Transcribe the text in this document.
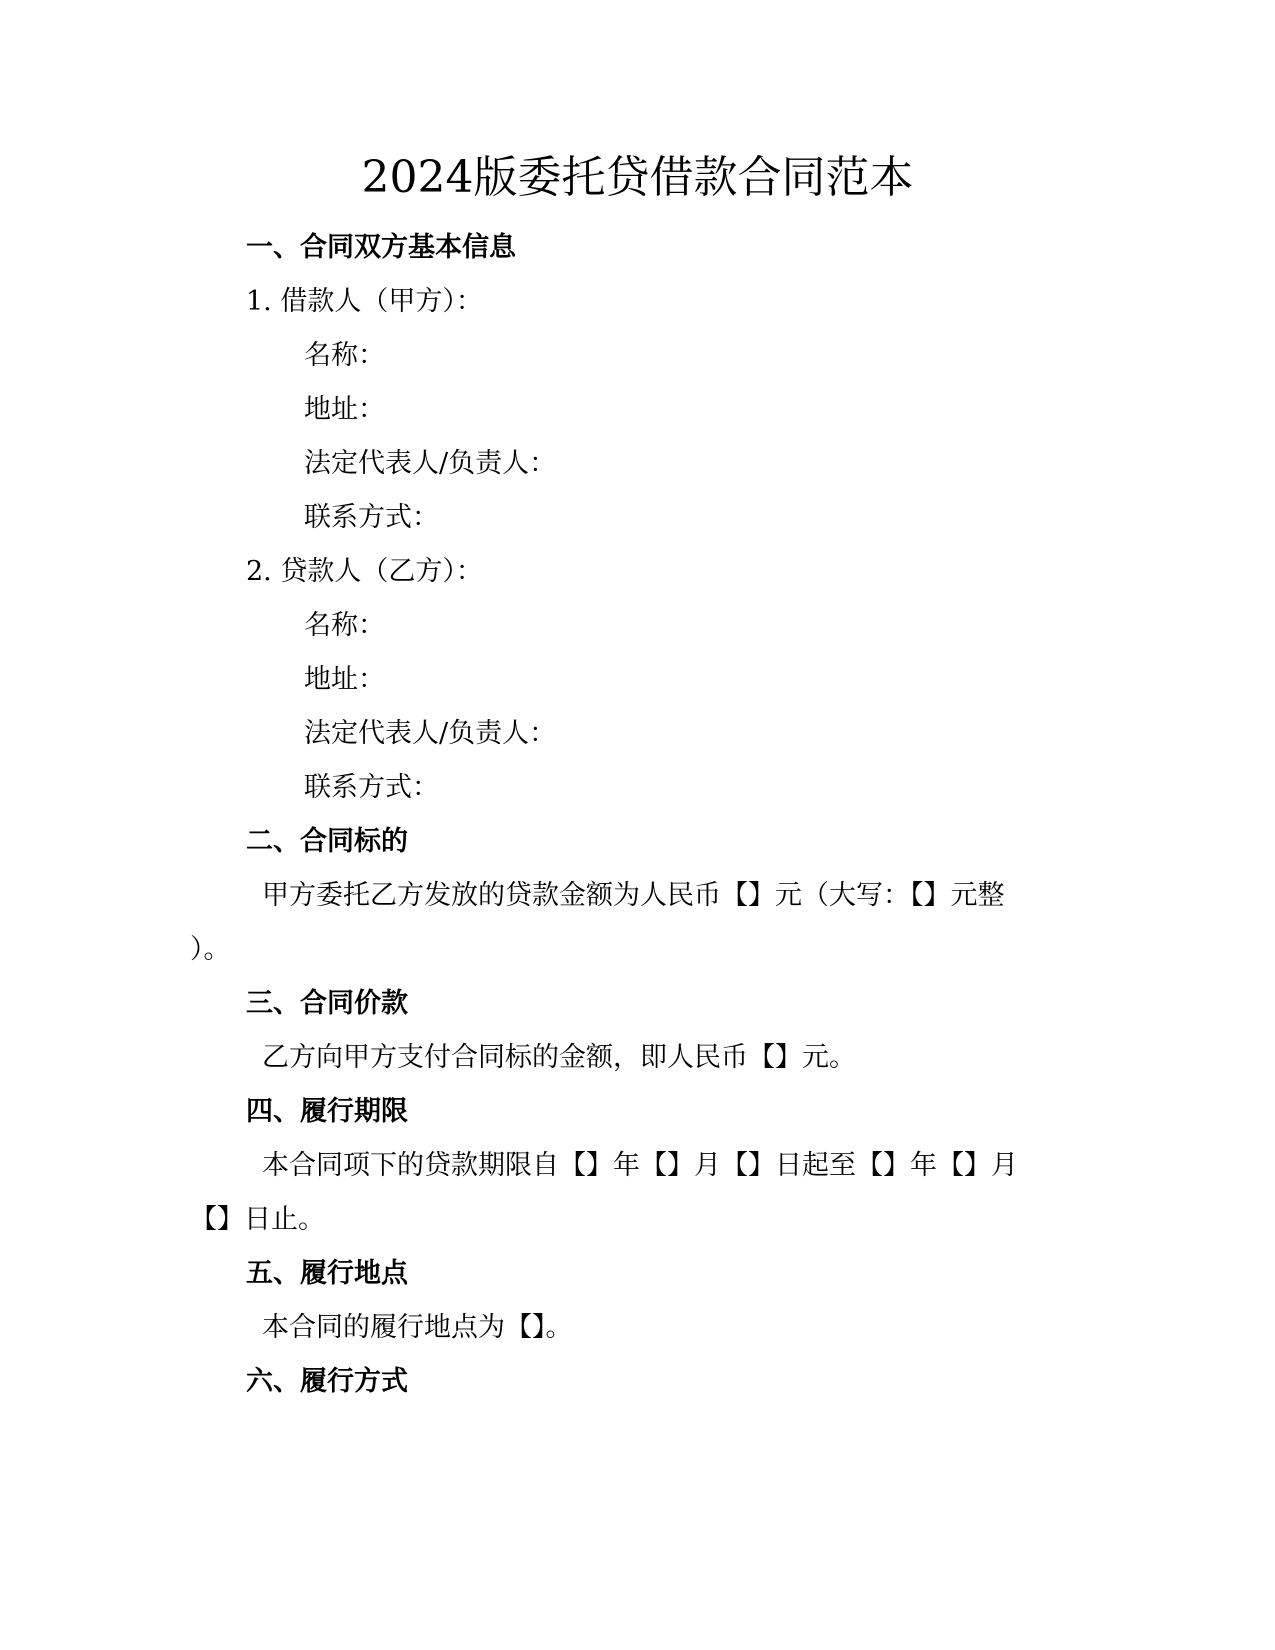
2024版委托贷借款合同范本
一、合同双方基本信息
1. 借款人（甲方）：
名称：
地址：
法定代表人/负责人：
联系方式：
2. 贷款人（乙方）：
名称：
地址：
法定代表人/负责人：
联系方式：
二、合同标的
甲方委托乙方发放的贷款金额为人民币【】元（大写：【】元整
）。
三、合同价款
乙方向甲方支付合同标的金额，即人民币【】元。
四、履行期限
本合同项下的贷款期限自【】年【】月【】日起至【】年【】月
【】日止。
五、履行地点
本合同的履行地点为【】。
六、履行方式
